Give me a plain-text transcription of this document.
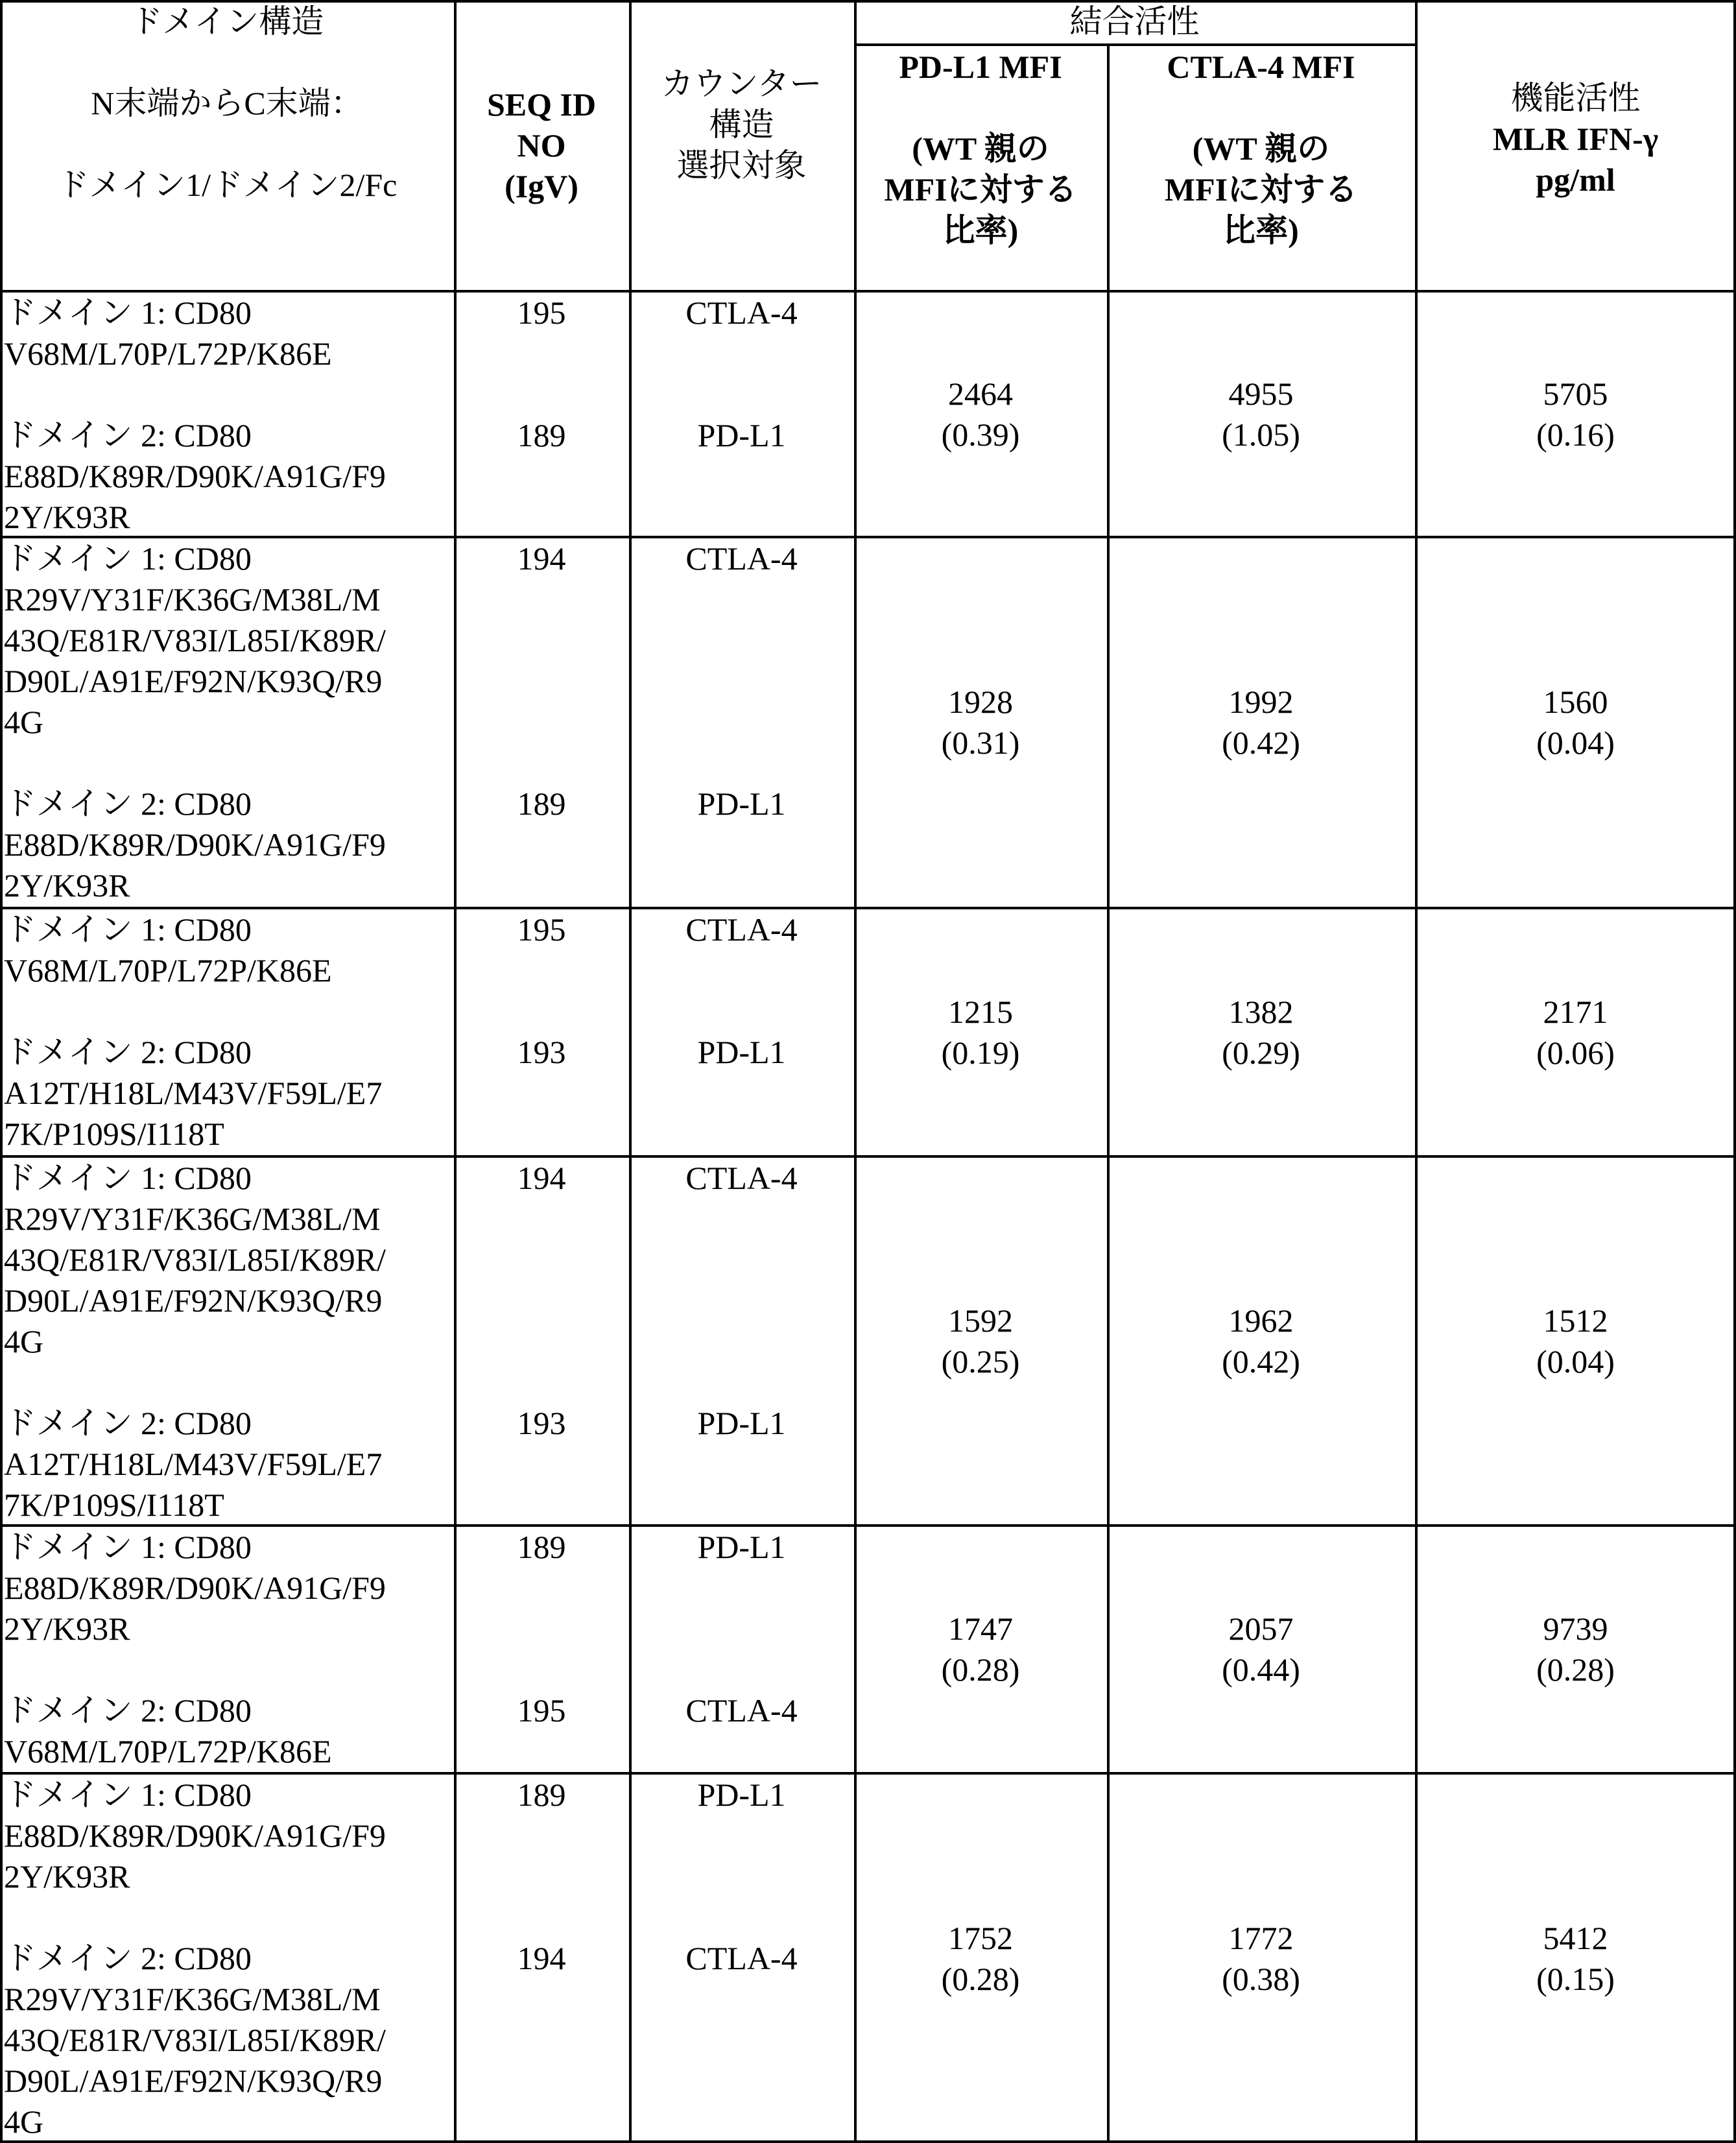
ドメイン構造
N末端からC末端：
ドメイン1/ドメイン2/Fc
SEQ ID
NO
(IgV)
カウンター
構造
選択対象
結合活性
PD-L1 MFI
(WT 親の
MFIに対する
比率)
CTLA-4 MFI
(WT 親の
MFIに対する
比率)
機能活性
MLR IFN-γ
pg/ml
ドメイン 1: CD80
V68M/L70P/L72P/K86E
ドメイン 2: CD80
E88D/K89R/D90K/A91G/F9
2Y/K93R
195
189
CTLA-4
PD-L1
2464
(0.39)
4955
(1.05)
5705
(0.16)
ドメイン 1: CD80
R29V/Y31F/K36G/M38L/M
43Q/E81R/V83I/L85I/K89R/
D90L/A91E/F92N/K93Q/R9
4G
ドメイン 2: CD80
E88D/K89R/D90K/A91G/F9
2Y/K93R
194
189
CTLA-4
PD-L1
1928
(0.31)
1992
(0.42)
1560
(0.04)
ドメイン 1: CD80
V68M/L70P/L72P/K86E
ドメイン 2: CD80
A12T/H18L/M43V/F59L/E7
7K/P109S/I118T
195
193
CTLA-4
PD-L1
1215
(0.19)
1382
(0.29)
2171
(0.06)
ドメイン 1: CD80
R29V/Y31F/K36G/M38L/M
43Q/E81R/V83I/L85I/K89R/
D90L/A91E/F92N/K93Q/R9
4G
ドメイン 2: CD80
A12T/H18L/M43V/F59L/E7
7K/P109S/I118T
194
193
CTLA-4
PD-L1
1592
(0.25)
1962
(0.42)
1512
(0.04)
ドメイン 1: CD80
E88D/K89R/D90K/A91G/F9
2Y/K93R
ドメイン 2: CD80
V68M/L70P/L72P/K86E
189
195
PD-L1
CTLA-4
1747
(0.28)
2057
(0.44)
9739
(0.28)
ドメイン 1: CD80
E88D/K89R/D90K/A91G/F9
2Y/K93R
ドメイン 2: CD80
R29V/Y31F/K36G/M38L/M
43Q/E81R/V83I/L85I/K89R/
D90L/A91E/F92N/K93Q/R9
4G
189
194
PD-L1
CTLA-4
1752
(0.28)
1772
(0.38)
5412
(0.15)
